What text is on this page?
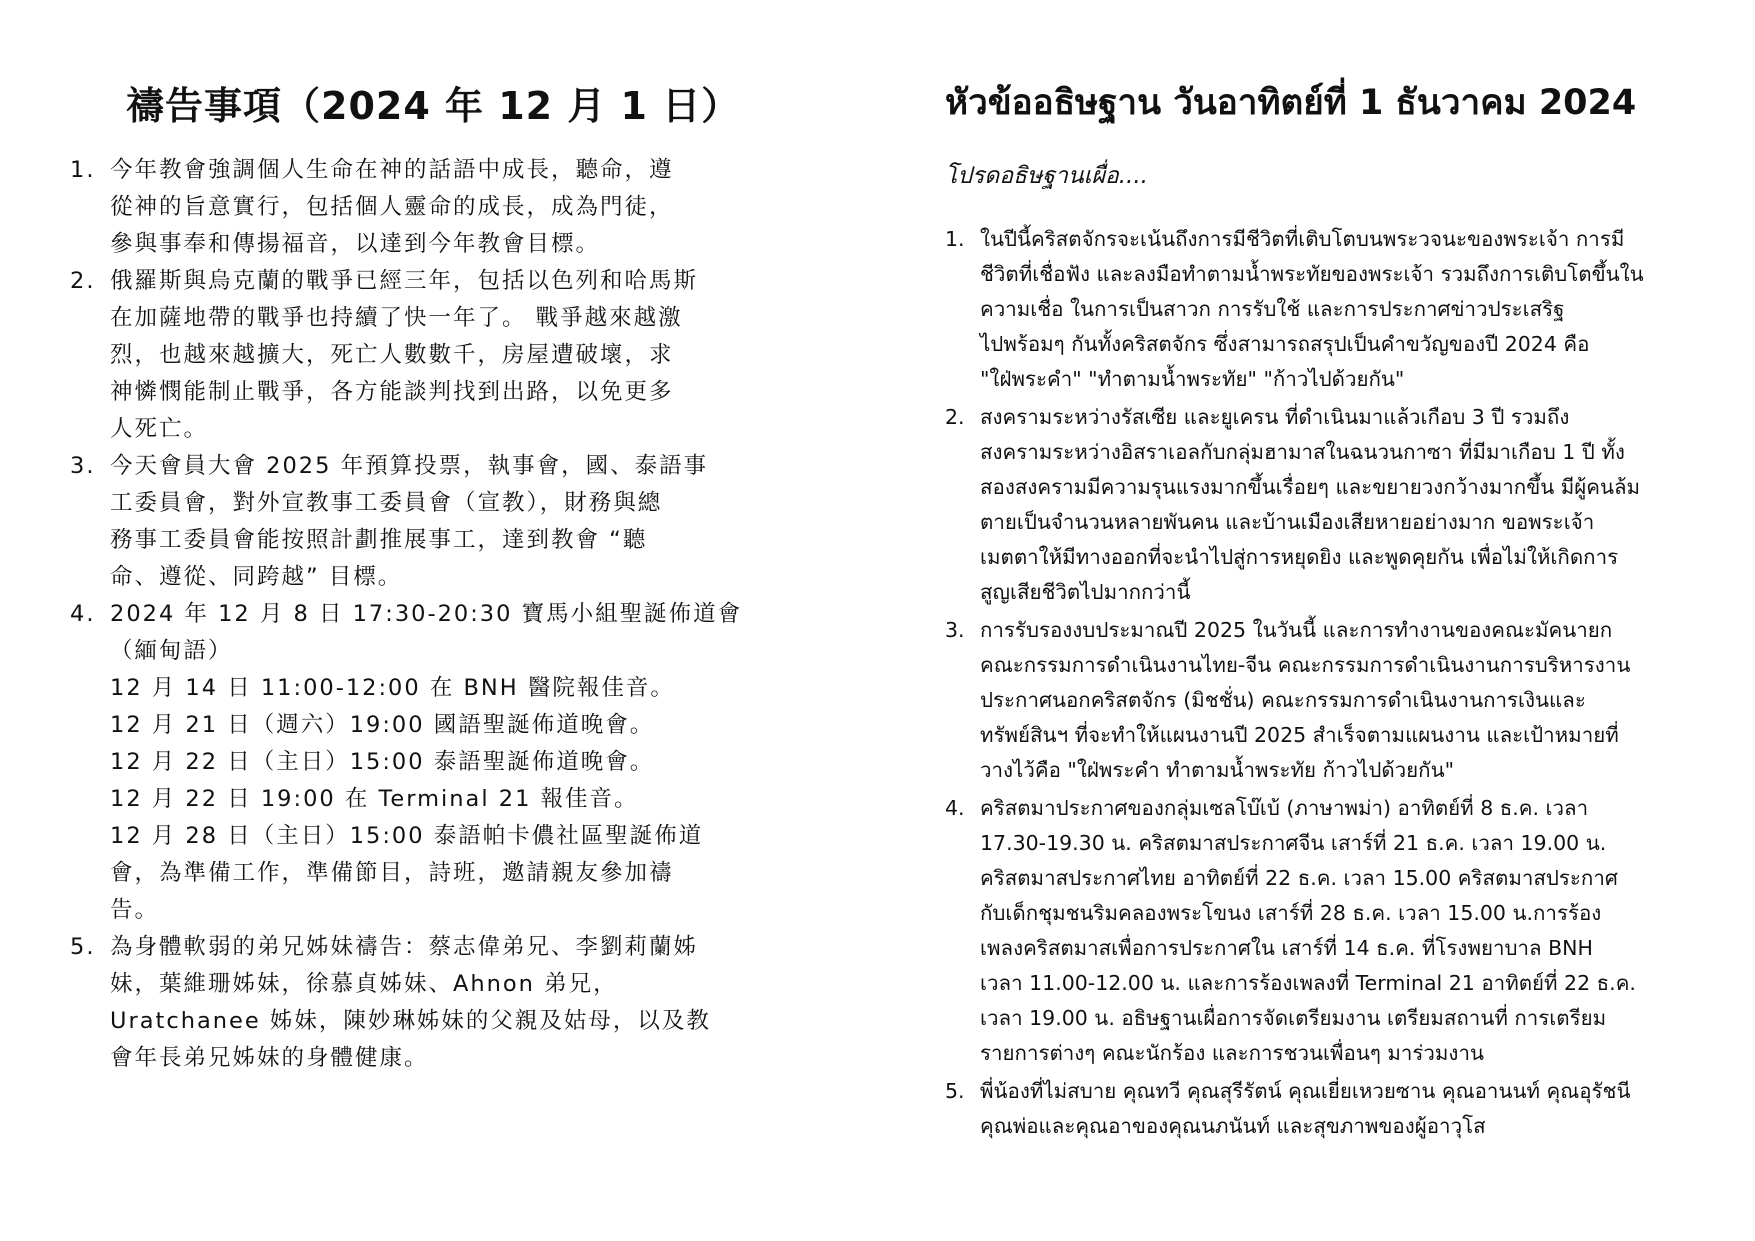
禱告事項（2024 年 12 月 1 日）
1. 今年教會強調個人生命在神的話語中成長，聽命，遵
從神的旨意實行，包括個人靈命的成長，成為門徒，
參與事奉和傳揚福音，以達到今年教會目標。
2. 俄羅斯與烏克蘭的戰爭已經三年，包括以色列和哈馬斯
在加薩地帶的戰爭也持續了快一年了。 戰爭越來越激
烈，也越來越擴大，死亡人數數千，房屋遭破壞，求
神憐憫能制止戰爭，各方能談判找到出路，以免更多
人死亡。
3. 今天會員大會 2025 年預算投票，執事會，國、泰語事
工委員會，對外宣教事工委員會（宣教），財務與總
務事工委員會能按照計劃推展事工，達到教會 “聽
命、遵從、同跨越” 目標。
4. 2024 年 12 月 8 日 17:30-20:30 寶馬小組聖誕佈道會
（緬甸語）
12 月 14 日 11:00-12:00 在 BNH 醫院報佳音。
12 月 21 日（週六）19:00 國語聖誕佈道晚會。
12 月 22 日（主日）15:00 泰語聖誕佈道晚會。
12 月 22 日 19:00 在 Terminal 21 報佳音。
12 月 28 日（主日）15:00 泰語帕卡儂社區聖誕佈道
會，為準備工作，準備節目，詩班，邀請親友參加禱
告。
5. 為身體軟弱的弟兄姊妹禱告：蔡志偉弟兄、李劉莉蘭姊
妹，葉維珊姊妹，徐慕貞姊妹、Ahnon 弟兄，
Uratchanee 姊妹，陳妙琳姊妹的父親及姑母，以及教
會年長弟兄姊妹的身體健康。
หัวข้ออธิษฐาน วันอาทิตย์ที่ 1 ธันวาคม 2024
โปรดอธิษฐานเผื่อ....
1. ในปีนี้คริสตจักรจะเน้นถึงการมีชีวิตที่เติบโตบนพระวจนะของพระเจ้า การมี
ชีวิตที่เชื่อฟัง และลงมือทำตามน้ำพระทัยของพระเจ้า รวมถึงการเติบโตขึ้นใน
ความเชื่อ ในการเป็นสาวก การรับใช้ และการประกาศข่าวประเสริฐ
ไปพร้อมๆ กันทั้งคริสตจักร ซึ่งสามารถสรุปเป็นคำขวัญของปี 2024 คือ
"ใฝ่พระคำ" "ทำตามน้ำพระทัย" "ก้าวไปด้วยกัน"
2. สงครามระหว่างรัสเซีย และยูเครน ที่ดำเนินมาแล้วเกือบ 3 ปี รวมถึง
สงครามระหว่างอิสราเอลกับกลุ่มฮามาสในฉนวนกาซา ที่มีมาเกือบ 1 ปี ทั้ง
สองสงครามมีความรุนแรงมากขึ้นเรื่อยๆ และขยายวงกว้างมากขึ้น มีผู้คนล้ม
ตายเป็นจำนวนหลายพันคน และบ้านเมืองเสียหายอย่างมาก ขอพระเจ้า
เมตตาให้มีทางออกที่จะนำไปสู่การหยุดยิง และพูดคุยกัน เพื่อไม่ให้เกิดการ
สูญเสียชีวิตไปมากกว่านี้
3. การรับรองงบประมาณปี 2025 ในวันนี้ และการทำงานของคณะมัคนายก
คณะกรรมการดำเนินงานไทย-จีน คณะกรรมการดำเนินงานการบริหารงาน
ประกาศนอกคริสตจักร (มิชชั่น) คณะกรรมการดำเนินงานการเงินและ
ทรัพย์สินฯ ที่จะทำให้แผนงานปี 2025 สำเร็จตามแผนงาน และเป้าหมายที่
วางไว้คือ "ใฝ่พระคำ ทำตามน้ำพระทัย ก้าวไปด้วยกัน"
4. คริสตมาประกาศของกลุ่มเซลโบ๊เบ้ (ภาษาพม่า) อาทิตย์ที่ 8 ธ.ค. เวลา
17.30-19.30 น. คริสตมาสประกาศจีน เสาร์ที่ 21 ธ.ค. เวลา 19.00 น.
คริสตมาสประกาศไทย อาทิตย์ที่ 22 ธ.ค. เวลา 15.00 คริสตมาสประกาศ
กับเด็กชุมชนริมคลองพระโขนง เสาร์ที่ 28 ธ.ค. เวลา 15.00 น.การร้อง
เพลงคริสตมาสเพื่อการประกาศใน เสาร์ที่ 14 ธ.ค. ที่โรงพยาบาล BNH
เวลา 11.00-12.00 น. และการร้องเพลงที่ Terminal 21 อาทิตย์ที่ 22 ธ.ค.
เวลา 19.00 น. อธิษฐานเผื่อการจัดเตรียมงาน เตรียมสถานที่ การเตรียม
รายการต่างๆ คณะนักร้อง และการชวนเพื่อนๆ มาร่วมงาน
5. พี่น้องที่ไม่สบาย คุณทวี คุณสุรีรัตน์ คุณเยี่ยเหวยซาน คุณอานนท์ คุณอุรัชนี
คุณพ่อและคุณอาของคุณนภนันท์ และสุขภาพของผู้อาวุโส
